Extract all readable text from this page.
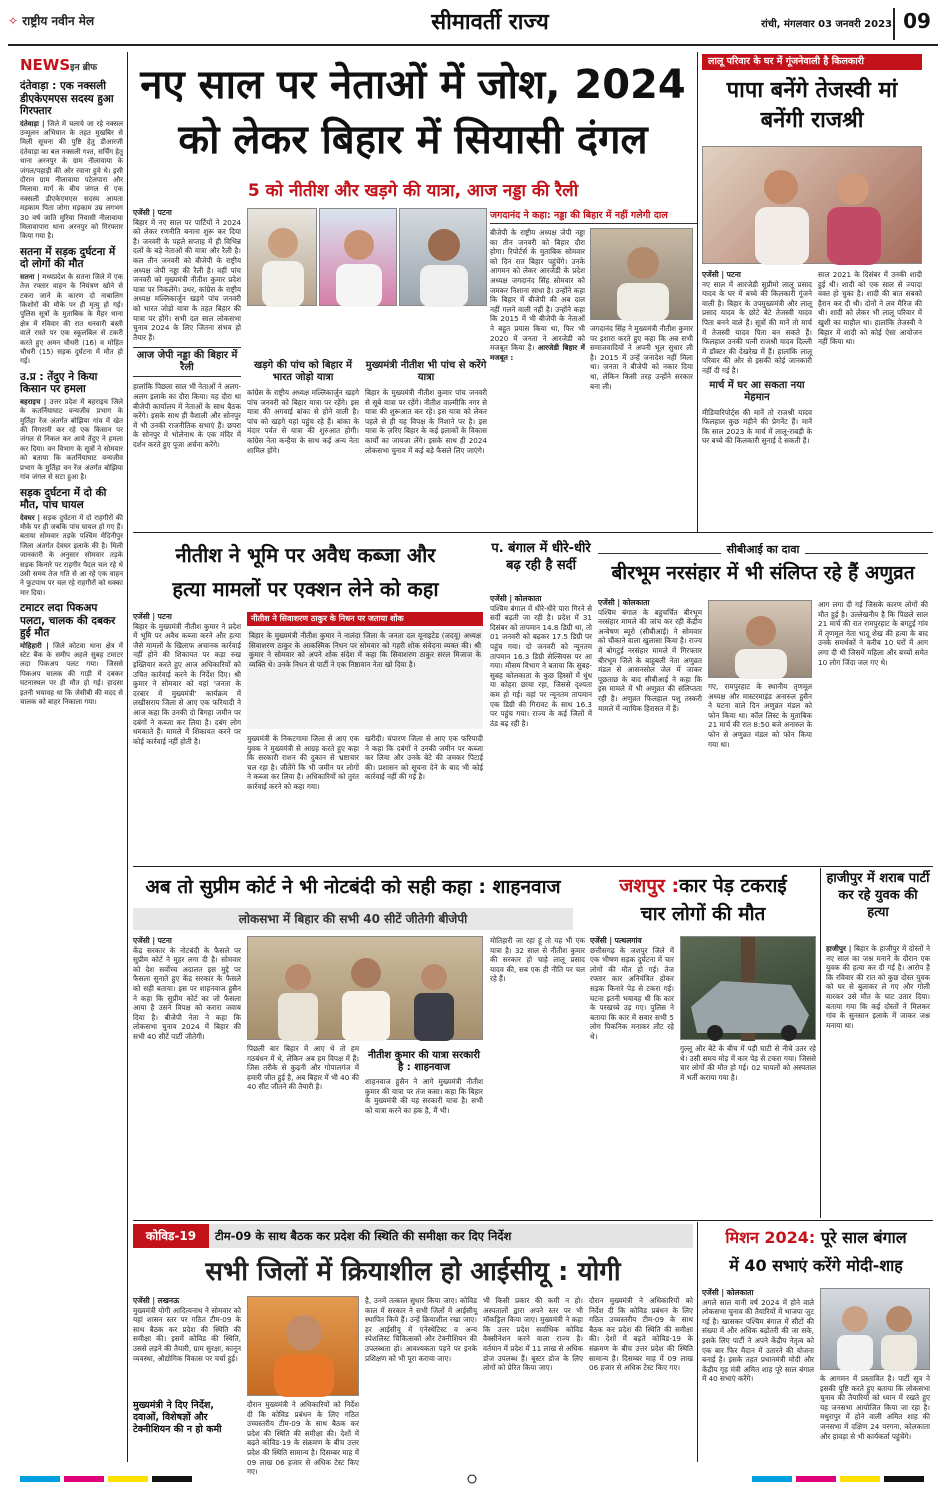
✧ राष्ट्रीय नवीन मेल	सीमावर्ती राज्य	रांची, मंगलवार 03 जनवरी 2023 09
NEWSइन ब्रीफ
दंतेवाड़ा : एक नक्सली डीएकेएमएस सदस्य हुआ गिरफ्तार
दंतेवाड़ा | जिले में चलाये जा रहे नक्सल उन्मूलन अभियान के तहत मुखबिर से मिली सूचना की पुष्टि हेतु डीआरजी दंतेवाड़ा का बल नक्सली गश्त, सर्चिंग हेतु थाना अरनपुर के ग्राम नीलावाया के जंगल/पहाड़ी की ओर रवाना हुये थे। इसी दौरान ग्राम नीलावाया पटेलपारा और मिलावा मार्ग के बीच जंगल से एक नक्सली डीएकेएमएस सदस्य आयता मड़काम पिता जोगा मड़काम उम्र लगभग 30 वर्ष जाति मुरिया निवासी नीलावाया मिलावापारा थाना अरनपुर को गिरफ्तार किया गया है।
सतना में सड़क दुर्घटना में दो लोगों की मौत
सतना | मध्यप्रदेश के सतना जिले में एक तेज रफ्तार वाहन के नियंत्रण खोने से टकरा जाने के कारण दो नाबालिग किशोरों की मौके पर ही मृत्यु हो गई। पुलिस सूत्रों के मुताबिक के मैहर थाना क्षेत्र में रविवार की रात धनवारी बस्ती वाले रास्ते पर एक स्कूलबिल से टकरी करते हुए अमन चौधरी (16) व मोहित चौधरी (15) सड़क दुर्घटना में मौत हो गई।
उ.प्र : तेंदुए ने किया किसान पर हमला
बहराइच | उत्तर प्रदेश में बहराइच जिले के कतर्नियाघाट वन्यजीव प्रभाग के मुर्तिहा रेंज अंतर्गत बोझिया गांव में खेत की निगरानी कर रहे एक किसान पर जंगल से निकल कर आये तेंदुए ने हमला कर दिया। वन विभाग के सूत्रों ने सोमवार को बताया कि कतर्नियाघाट वन्यजीव प्रभाग के मुर्तिहा वन रेंज अंतर्गत बोझिया गांव जंगल से सटा हुआ है।
सड़क दुर्घटना में दो की मौत, पांच घायल
देवघर | सड़क दुर्घटना में दो राहगीरों की मौके पर ही जबकि पांच घायल हो गए हैं। बताया सोमवार तड़के पश्चिम मेदिनीपुर जिला अंतर्गत देवघर इलाके की है। मिली जानकारी के अनुसार सोमवार तड़के सड़क किनारे पर राहगीर पैदल चल रहे थे उसी समय तेज गति से आ रहे एक वाहन ने फुटपाथ पर चल रहे राहगीरों को धक्का मार दिया।
टमाटर लदा पिकअप पलटा, चालक की दबकर हुई मौत
मोहिहारी | जिले कोटवा थाना क्षेत्र में स्टेट बैंक के समीप अहले सुबह टमाटर लदा पिकअप पलट गया। जिससे पिकअप चालक की गाड़ी में दबकर घटनास्थल पर ही मौत हो गई। हादसा इतनी भयावह था कि जेसीबी की मदद से चालक को बाहर निकाला गया।
नए साल पर नेताओं में जोश, 2024
को लेकर बिहार में सियासी दंगल
5 को नीतीश और खड़गे की यात्रा, आज नड्डा की रैली
एजेंसी | पटना
बिहार में नए साल पर पार्टियों ने 2024 को लेकर रणनीति बनाना शुरू कर दिया है। जनवरी के पहले सप्ताह में ही विभिन्न दलों के बड़े नेताओं की यात्रा और रैली है। कल तीन जनवरी को बीजेपी के राष्ट्रीय अध्यक्ष जेपी नड्डा की रैली है। वहीं पांच जनवरी को मुख्यमंत्री नीतीश कुमार प्रदेश यात्रा पर निकलेंगे। उधर, कांग्रेस के राष्ट्रीय अध्यक्ष मल्लिकार्जुन खड़गे पांच जनवरी को भारत जोड़ो यात्रा के तहत बिहार की यात्रा पर होंगे। सभी दल साल लोकसभा चुनाव 2024 के लिए जितना संभव हो तैयार हैं।
आज जेपी नड्डा की बिहार में रैली
हालांकि पिछला साल भी नेताओं ने अलग-अलग इलाके का दौरा किया। यह दौरा था बीजेपी कार्यालय में नेताओं के साथ बैठक करेंगे। इसके साथ ही वैशाली और सोनपुर में भी उनकी राजनीतिक सभाएं हैं। छपरा के सोनपुर में भोलेनाथ के एक मंदिर में दर्शन करते हुए पूजा अर्चना करेंगे।
खड़गे की पांच को बिहार में भारत जोड़ो यात्रा
कांग्रेस के राष्ट्रीय अध्यक्ष मल्लिकार्जुन खड़गे पांच जनवरी को बिहार यात्रा पर रहेंगे। इस यात्रा की अगवाई बांका से होने वाली है। पांच को खड़गे यहां पहुंच रहे हैं। बांका के मंदार पर्वत से यात्रा की शुरुआत होगी। कांग्रेस नेता कन्हैया के साथ कई अन्य नेता शामिल होंगे।
मुख्यमंत्री नीतीश भी पांच से करेंगे यात्रा
बिहार के मुख्यमंत्री नीतीश कुमार पांच जनवरी से सूबे यात्रा पर रहेंगे। नीतीश वाल्मीकि नगर से यात्रा की शुरूआत कर रहे। इस यात्रा को लेकर पहले से ही यह विपक्ष के निशाने पर है। इस यात्रा के ज़रिए बिहार के कई इलाकों के विकास कार्यों का जायजा लेंगे। इसके साथ ही 2024 लोकसभा चुनाव में कई बड़े फैसले लिए जाएंगे।
जगदानंद ने कहा: नड्डा की बिहार में नहीं गलेगी दाल
बीजेपी के राष्ट्रीय अध्यक्ष जेपी नड्डा का तीन जनवरी को बिहार दौरा होगा। रिपोर्टर्स के मुताबिक सोमवार को दिन रात बिहार पहुंचेंगे। उनके आगमन को लेकर आरजेडी के प्रदेश अध्यक्ष जगदानंद सिंह सोमवार को जमकर निशाना साधा है। उन्होंने कहा कि बिहार में बीजेपी की अब दाल नहीं गलने वाली नहीं है। उन्होंने कहा कि 2015 में भी बीजेपी के नेताओं ने बहुत प्रयास किया था, फिर भी 2020 में जनता ने आरजेडी को मजबूत किया है। आरजेडी बिहार में मजबूत :
जगदानंद सिंह ने मुख्यमंत्री नीतीश कुमार पर इशारा करते हुए कहा कि अब सभी समाजवादियों ने अपनी भूल सुधार ली है। 2015 में उन्हें जनादेश नहीं मिला था। जनता ने बीजेपी को नकार दिया था, लेकिन किसी तरह उन्होंने सरकार बना ली।
लालू परिवार के घर में गूंजनेवाली है किलकारी
पापा बनेंगे तेजस्वी मां बनेंगी राजश्री
एजेंसी | पटना
नए साल में आरजेडी सुप्रीमो लालू प्रसाद यादव के घर में बच्चे की किलकारी गूंजने वाली है। बिहार के उपमुख्यमंत्री और लालू प्रसाद यादव के छोटे बेटे तेजस्वी यादव पिता बनने वाले हैं। सूत्रों की मानें तो मार्च में तेजस्वी यादव पिता बन सकते हैं। फिलहाल उनकी पत्नी राजश्री यादव दिल्ली में डॉक्टर की देखरेख में हैं। हालांकि लालू परिवार की ओर से इसकी कोई जानकारी नहीं दी गई है।
मार्च में घर आ सकता नया मेहमान
मीडियारिपोर्ट्स की मानें तो राजश्री यादव फिलहाल कुछ महीने की प्रेगनेंट हैं। मानें कि साल 2023 के मार्च में लालू-राबड़ी के घर बच्चे की किलकारी सुनाई दे सकती है।
साल 2021 के दिसंबर में उनकी शादी हुई थी। शादी को एक साल से ज्यादा वक्त हो चुका है। शादी की बात सबको हैरान कर दी थी। दोनों ने लव मैरिज की थी। शादी को लेकर भी लालू परिवार में खुशी का माहौल था। हालांकि तेजस्वी ने बिहार में शादी को कोई ऐसा आयोजन नहीं किया था।
नीतीश ने भूमि पर अवैध कब्जा और
हत्या मामलों पर एक्शन लेने को कहा
एजेंसी | पटना
बिहार के मुख्यमंत्री नीतीश कुमार ने प्रदेश में भूमि पर अवैध कब्जा करने और हत्या जैसे मामलों के खिलाफ अचानक कार्रवाई नहीं होने की शिकायत पर कड़ा रुख इख्तियार करते हुए आज अधिकारियों को उचित कार्रवाई करने के निर्देश दिए। श्री कुमार ने सोमवार को यहां 'जनता के दरबार में मुख्यमंत्री' कार्यक्रम में लखीसराय जिला से आए एक फरियादी ने आज कहा कि उनकी दो बिगहा जमीन पर दबंगों ने कब्जा कर लिया है। दबंग लोग धमकाते हैं। मामले में शिकायत करने पर कोई कार्रवाई नहीं होती है।
नीतीश ने सिवाशरण ठाकुर के निधन पर जताया शोक
बिहार के मुख्यमंत्री नीतीश कुमार ने नालंदा जिला के जनता दल यूनाइटेड (जदयू) अध्यक्ष सिवाशरण ठाकुर के आकस्मिक निधन पर सोमवार को गहरी शोक संवेदना व्यक्त की। श्री कुमार ने सोमवार को अपने शोक संदेश में कहा कि सिवाशरण ठाकुर सरल मिजाज के व्यक्ति थे। उनके निधन से पार्टी ने एक निष्ठावान नेता खो दिया है।
मुख्यमंत्री के निकटगामा जिला से आए एक युवक ने मुख्यमंत्री से आग्रह करते हुए कहा कि सरकारी राशन की दुकान से भ्रष्टाचार चल रहा है। जीतेंगे कि भी जमीन पर लोगों ने कब्जा कर लिया है। अधिकारियों को तुरंत कार्रवाई करने को कहा गया।
खरीदी। चंपारण जिला से आए एक फरियादी ने कहा कि दबंगों ने उनकी जमीन पर कब्जा कर लिया और उनके बेटे की जमकर पिटाई की। प्रशासन को सूचना देने के बाद भी कोई कार्रवाई नहीं की गई है।
प. बंगाल में धीरे-धीरे बढ़ रही है सर्दी
एजेंसी | कोलकाता
पश्चिम बंगाल में धीरे-धीरे पारा गिरने से सर्दी बढ़ती जा रही है। प्रदेश में 31 दिसंबर को तापमान 14.8 डिग्री था, तो 01 जनवरी को बढ़कर 17.5 डिग्री पर पहुंच गया। दो जनवरी को न्यूनतम तापमान 16.3 डिग्री सेल्सियस पर आ गया। मौसम विभाग ने बताया कि सुबह-सुबह कोलकाता के कुछ हिस्सों में धुंध या कोहरा छाया रहा, जिससे दृश्यता कम हो गई। वहां पर न्यूनतम तापमान एक डिग्री की गिरावट के साथ 16.3 पर पहुंच गया। राज्य के कई जिलों में ठंड बढ़ रही है।
सीबीआई का दावा
बीरभूम नरसंहार में भी संलिप्त रहे हैं अणुव्रत
एजेंसी | कोलकाता
पश्चिम बंगाल के बहुचर्चित बीरभूम नरसंहार मामले की जांच कर रही केंद्रीय अन्वेषण ब्यूरो (सीबीआई) ने सोमवार को चौंकाने वाला खुलासा किया है। राज्य में बोगटुई नरसंहार मामले में गिरफ्तार बीरभूम जिले के बाहुबली नेता अणुव्रत मंडल से आसनसोल जेल में जाकर पूछताछ के बाद सीबीआई ने कहा कि इस मामले में भी अणुव्रत की संलिप्तता रही है। अणुव्रत फिलहाल पशु तस्करी मामले में न्यायिक हिरासत में हैं।
गए, रामपुरहाट के स्थानीय तृणमूल अध्यक्ष और मास्टरमाइंड अनारुल हुसैन ने घटना वाले दिन अणुव्रत मंडल को फोन किया था। कॉल लिस्ट के मुताबिक 21 मार्च की रात 8:50 बजे अनारुल के फोन से अणुव्रत मंडल को फोन किया गया था।
आग लगा दी गई जिसके कारण लोगों की मौत हुई है। उल्लेखनीय है कि पिछले साल 21 मार्च की रात रामपुरहाट के बगटुई गांव में तृणमूल नेता भादू शेख की हत्या के बाद उनके समर्थकों ने करीब 10 घरों में आग लगा दी थी जिसमें महिला और बच्चों समेत 10 लोग जिंदा जल गए थे।
अब तो सुप्रीम कोर्ट ने भी नोटबंदी को सही कहा : शाहनवाज
लोकसभा में बिहार की सभी 40 सीटें जीतेगी बीजेपी
एजेंसी | पटना
केंद्र सरकार के नोटबंदी के फैसले पर सुप्रीम कोर्ट ने मुहर लगा दी है। सोमवार को देश सर्वोच्च अदालत इस मुद्दे पर फैसला सुनाते हुए केंद्र सरकार के फैसले को सही बताया। इस पर शाहनवाज हुसैन ने कहा कि सुप्रीम कोर्ट का जो फैसला आया है उसने विपक्ष को करारा जवाब दिया है। बीजेपी नेता ने कहा कि लोकसभा चुनाव 2024 में बिहार की सभी 40 सीटें पार्टी जीतेगी।
पिछली बार बिहार में आए थे तो हम गठबंधन में थे, लेकिन अब हम विपक्ष में हैं। जिस तरीके से कुढ़नी और गोपालगंज में हमारी जीत हुई है, अब बिहार में भी 40 की 40 सीट जीतने की तैयारी है।
नीतीश कुमार की यात्रा सरकारी है : शाहनवाज
शाहनवाज हुसैन ने आगे मुख्यमंत्री नीतीश कुमार की यात्रा पर तंज कसा। कहा कि बिहार के मुख्यमंत्री की यह सरकारी यात्रा है। सभी को यात्रा करने का हक है, मैं भी।
मोतिहारी जा रहा हूं तो यह भी एक यात्रा है। 32 साल से नीतीश कुमार की सरकार हो चाहे लालू प्रसाद यादव की, सब एक ही नीति पर चल रहे हैं।
जशपुर :कार पेड़ टकराई
चार लोगों की मौत
एजेंसी | पत्थलगांव
छत्तीसगढ़ के जशपुर जिले में एक भीषण सड़क दुर्घटना में चार लोगों की मौत हो गई। तेज रफ्तार कार अनियंत्रित होकर सड़क किनारे पेड़ से टकरा गई। घटना इतनी भयावह थी कि कार के परखच्चे उड़ गए। पुलिस ने बताया कि कार में सवार सभी 5 लोग पिकनिक मनाकर लौट रहे थे।
गुल्लू और बेटे के बीच में पड़ी घाटी से नीचे उतर रहे थे। उसी समय मोड़ में कार पेड़ से टकरा गया। जिससे चार लोगों की मौत हो गई। 02 घायलों को अस्पताल में भर्ती कराया गया है।
हाजीपुर में शराब पार्टी कर रहे युवक की हत्या
हाजीपुर | बिहार के हाजीपुर में दोस्तों ने नए साल का जश्न मनाने के दौरान एक युवक की हत्या कर दी गई है। आरोप है कि रविवार की रात को कुछ दोस्त युवक को घर से बुलाकर ले गए और गोली मारकर उसे मौत के घाट उतार दिया। बताया गया कि कई दोस्तों ने मिलकर गांव के सुनसान इलाके में जाकर जश्न मनाया था।
कोविड-19	टीम-09 के साथ बैठक कर प्रदेश की स्थिति की समीक्षा कर दिए निर्देश
सभी जिलों में क्रियाशील हो आईसीयू : योगी
एजेंसी | लखनऊ
मुख्यमंत्री योगी आदित्यनाथ ने सोमवार को यहां शासन स्तर पर गठित टीम-09 के साथ बैठक कर प्रदेश की स्थिति की समीक्षा की। इसमें कोविड की स्थिति, उससे लड़ने की तैयारी, ग्राम सुरक्षा, कानून व्यवस्था, औद्योगिक विकास पर चर्चा हुई।
मुख्यमंत्री ने दिए निर्देश, दवाओं, विशेषज्ञों और टेक्नीशियन की न हो कमी
दौरान मुख्यमंत्री ने अधिकारियों को निर्देश दी कि कोविड प्रबंधन के लिए गठित उच्चस्तरीय टीम-09 के साथ बैठक कर प्रदेश की स्थिति की समीक्षा की। देशों में बढ़ते कोविड-19 के संक्रमण के बीच उत्तर प्रदेश की स्थिति सामान्य है। दिसम्बर माह में 09 लाख 06 हजार से अधिक टेस्ट किए गए।
है, उनमें तत्काल सुधार किया जाए। कोविड काल में सरकार ने सभी जिलों में आईसीयू स्थापित किये हैं। उन्हें क्रियाशील रखा जाए। हर आईसीयू में एनेस्थेटिस्ट व अन्य स्पेशलिस्ट चिकित्सकों और टेक्नीशियन की उपलब्धता हो। आवश्यकता पड़ने पर इनके प्रशिक्षण को भी पूरा कराया जाए।
भी किसी प्रकार की कमी न हो। अस्पतालों द्वारा अपने स्तर पर भी मॉकड्रिल किया जाए। मुख्यमंत्री ने कहा कि उत्तर प्रदेश सर्वाधिक कोविड वैक्सीनेशन करने वाला राज्य है। वर्तमान में प्रदेश में 11 लाख से अधिक डोज उपलब्ध हैं। बूस्टर डोज के लिए लोगों को प्रेरित किया जाए।
दौरान मुख्यमंत्री ने अधिकारियों को निर्देश दी कि कोविड प्रबंधन के लिए गठित उच्चस्तरीय टीम-09 के साथ बैठक कर प्रदेश की स्थिति की समीक्षा की। देशों में बढ़ते कोविड-19 के संक्रमण के बीच उत्तर प्रदेश की स्थिति सामान्य है। दिसम्बर माह में 09 लाख 06 हजार से अधिक टेस्ट किए गए।
मिशन 2024: पूरे साल बंगाल
में 40 सभाएं करेंगे मोदी-शाह
एजेंसी | कोलकाता
अगले साल यानी वर्ष 2024 में होने वाले लोकसभा चुनाव की तैयारियों में भाजपा जुट गई है। खासकर पश्चिम बंगाल में सीटों की संख्या में और अधिक बढ़ोतरी की जा सके, इसके लिए पार्टी ने अपने केंद्रीय नेतृत्व को एक बार फिर मैदान में उतारने की योजना बनाई है। इसके तहत प्रधानमंत्री मोदी और केंद्रीय गृह मंत्री अमित शाह पूरे साल बंगाल में 40 सभाएं करेंगे।	के आगमन में प्रस्तावित है। पार्टी सूत्र ने इसकी पुष्टि करते हुए बताया कि लोकसभा चुनाव की तैयारियों को ध्यान में रखते हुए यह जनसभा आयोजित किया जा रहा है। मथुरापुर में होने वाली अमित शाह की जनसभा में दक्षिण 24 परगना, कोलकाता और हावड़ा से भी कार्यकर्ता पहुंचेंगे।
